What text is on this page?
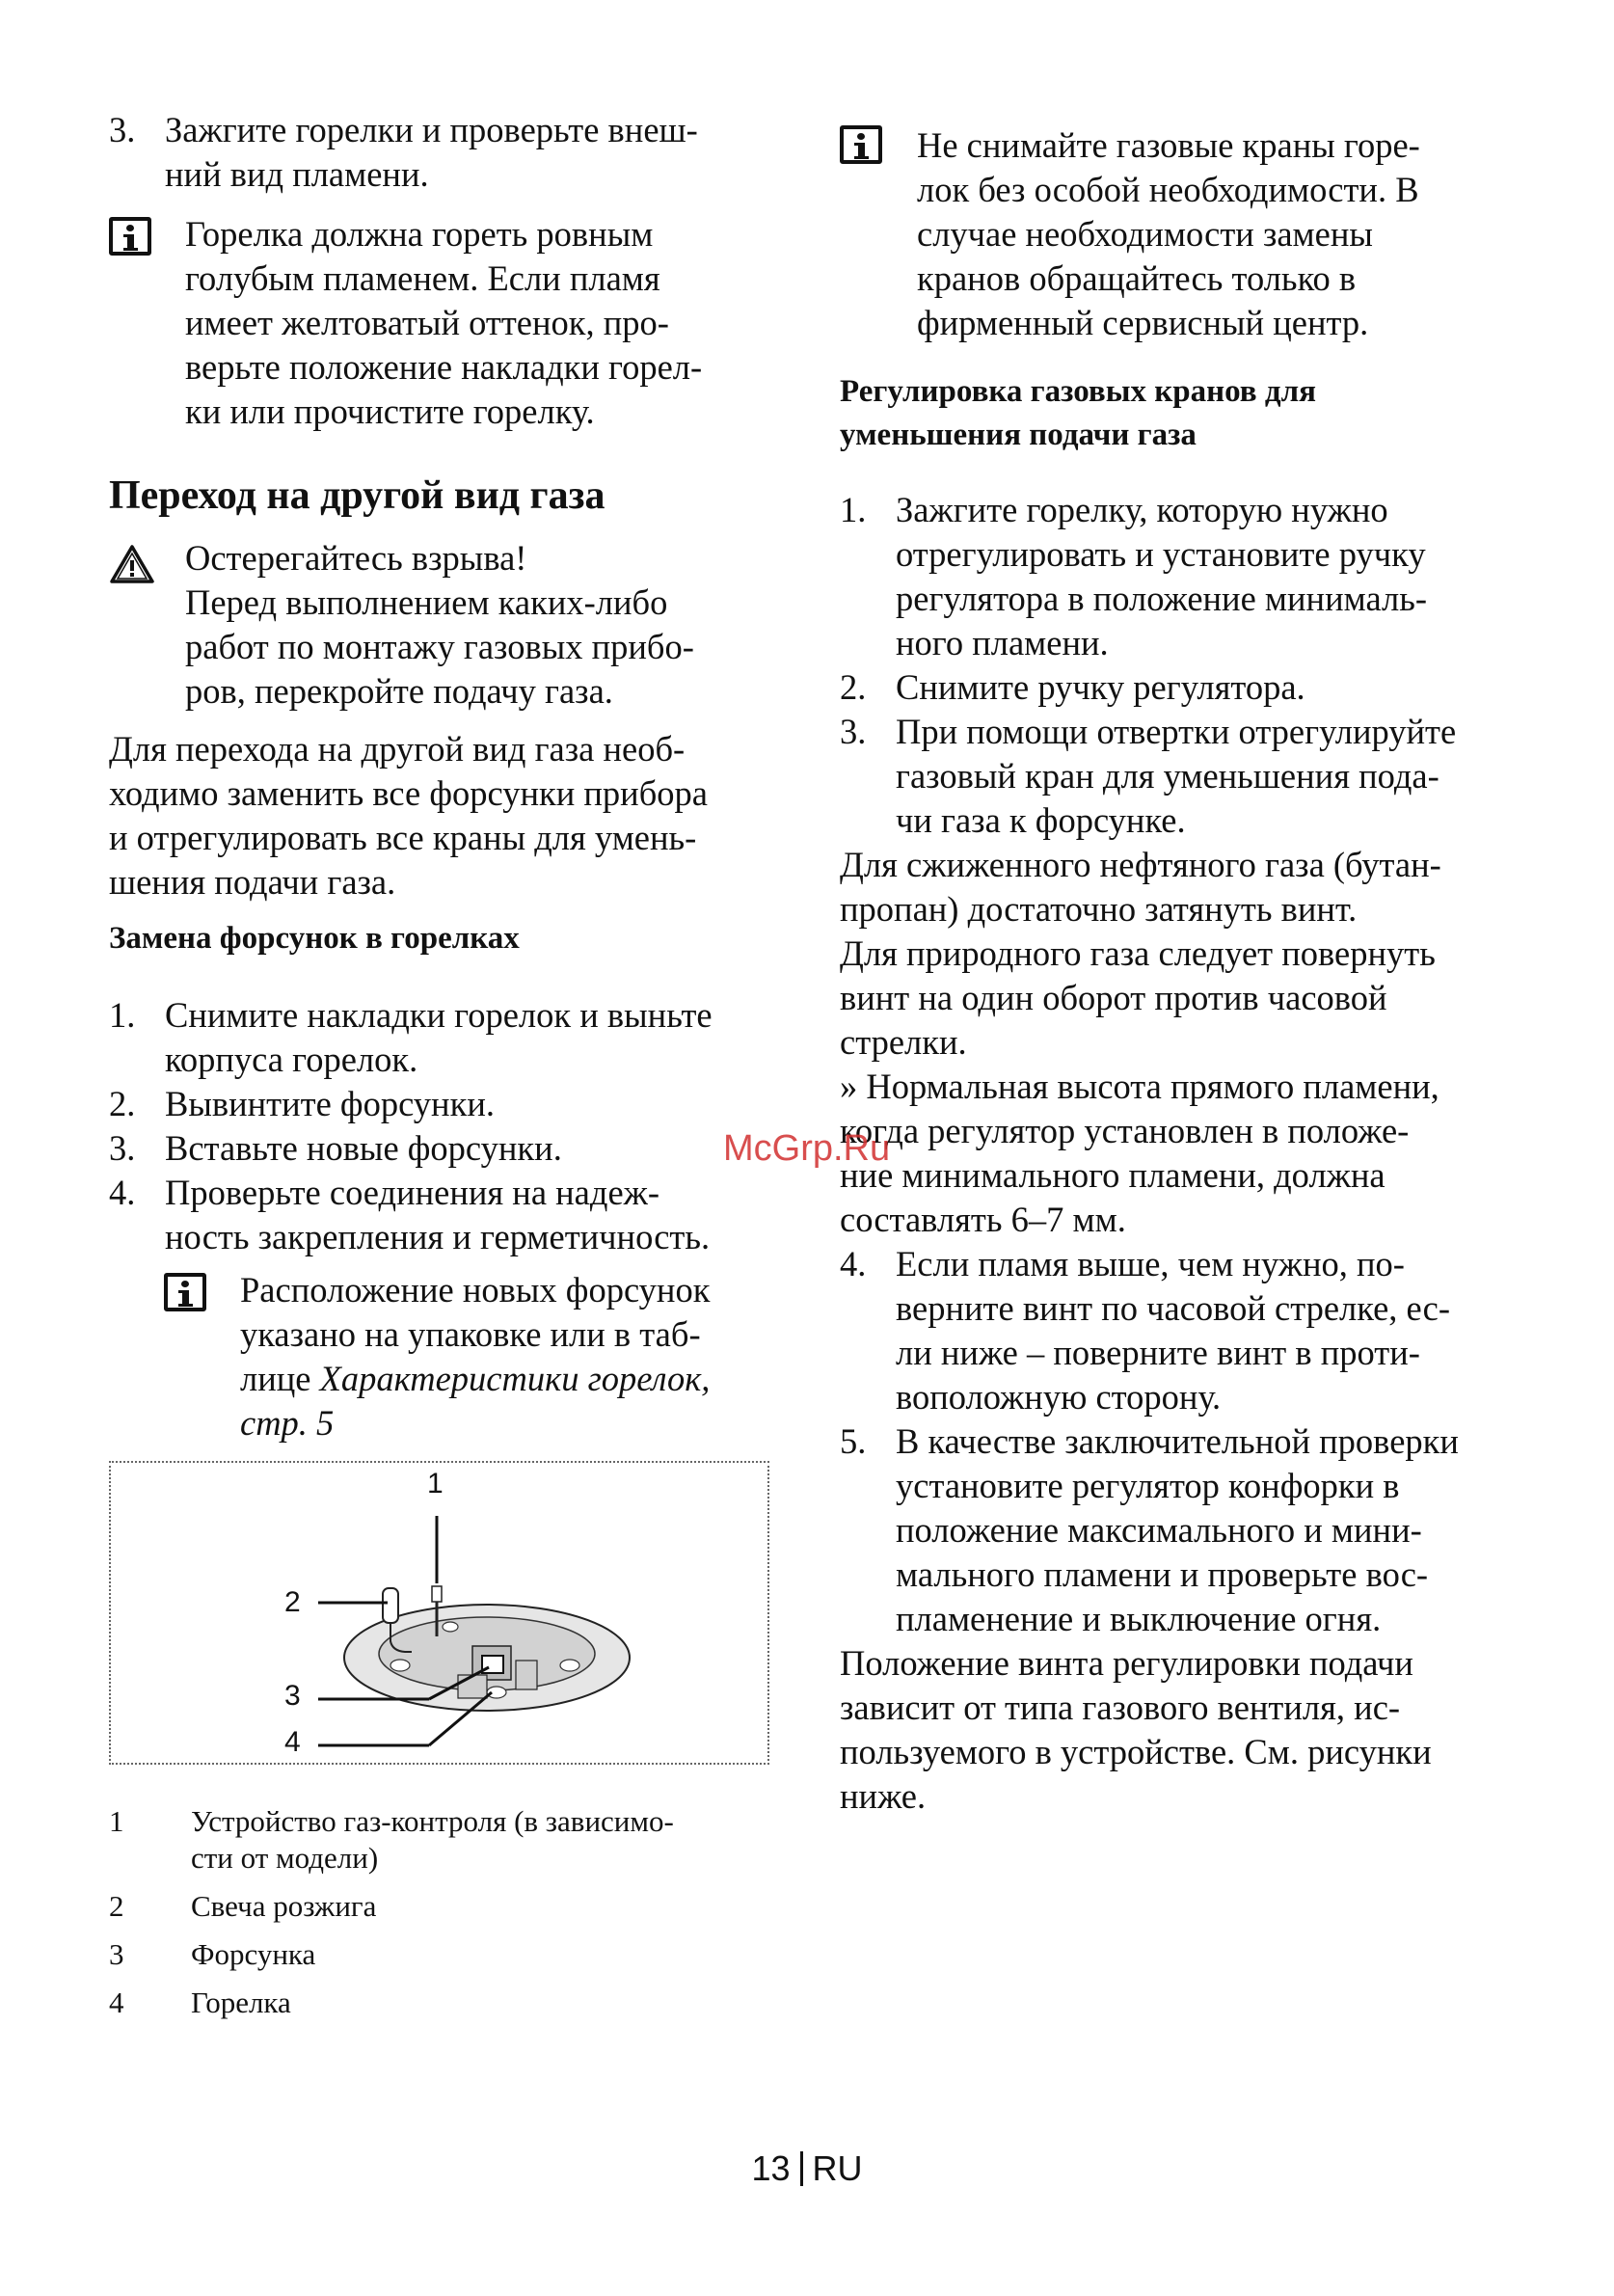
3. Зажгите горелки и проверьте внеш-
ний вид пламени.
Горелка должна гореть ровным
голубым пламенем. Если пламя
имеет желтоватый оттенок, про-
верьте положение накладки горел-
ки или прочистите горелку.
Переход на другой вид газа
Остерегайтесь взрыва!
Перед выполнением каких-либо
работ по монтажу газовых прибо-
ров, перекройте подачу газа.
Для перехода на другой вид газа необ-
ходимо заменить все форсунки прибора
и отрегулировать все краны для умень-
шения подачи газа.
Замена форсунок в горелках
1. Снимите накладки горелок и выньте
корпуса горелок.
2. Вывинтите форсунки.
3. Вставьте новые форсунки.
4. Проверьте соединения на надеж-
ность закрепления и герметичность.
Расположение новых форсунок
указано на упаковке или в таб-
лице Характеристики горелок,
стр. 5
1
2
3
4
1	Устройство газ-контроля (в зависимо-
сти от модели)
2	Свеча розжига
3	Форсунка
4	Горелка
Не снимайте газовые краны горе-
лок без особой необходимости. В
случае необходимости замены
кранов обращайтесь только в
фирменный сервисный центр.
Регулировка газовых кранов для
уменьшения подачи газа
1. Зажгите горелку, которую нужно
отрегулировать и установите ручку
регулятора в положение минималь-
ного пламени.
2. Снимите ручку регулятора.
3. При помощи отвертки отрегулируйте
газовый кран для уменьшения пода-
чи газа к форсунке.
Для сжиженного нефтяного газа (бутан-
пропан) достаточно затянуть винт.
Для природного газа следует повернуть
винт на один оборот против часовой
стрелки.
» Нормальная высота прямого пламени,
когда регулятор установлен в положе-
ние минимального пламени, должна
составлять 6–7 мм.
4. Если пламя выше, чем нужно, по-
верните винт по часовой стрелке, ес-
ли ниже – поверните винт в проти-
воположную сторону.
5. В качестве заключительной проверки
установите регулятор конфорки в
положение максимального и мини-
мального пламени и проверьте вос-
пламенение и выключение огня.
Положение винта регулировки подачи
зависит от типа газового вентиля, ис-
пользуемого в устройстве. См. рисунки
ниже.
McGrp.Ru
13 RU
